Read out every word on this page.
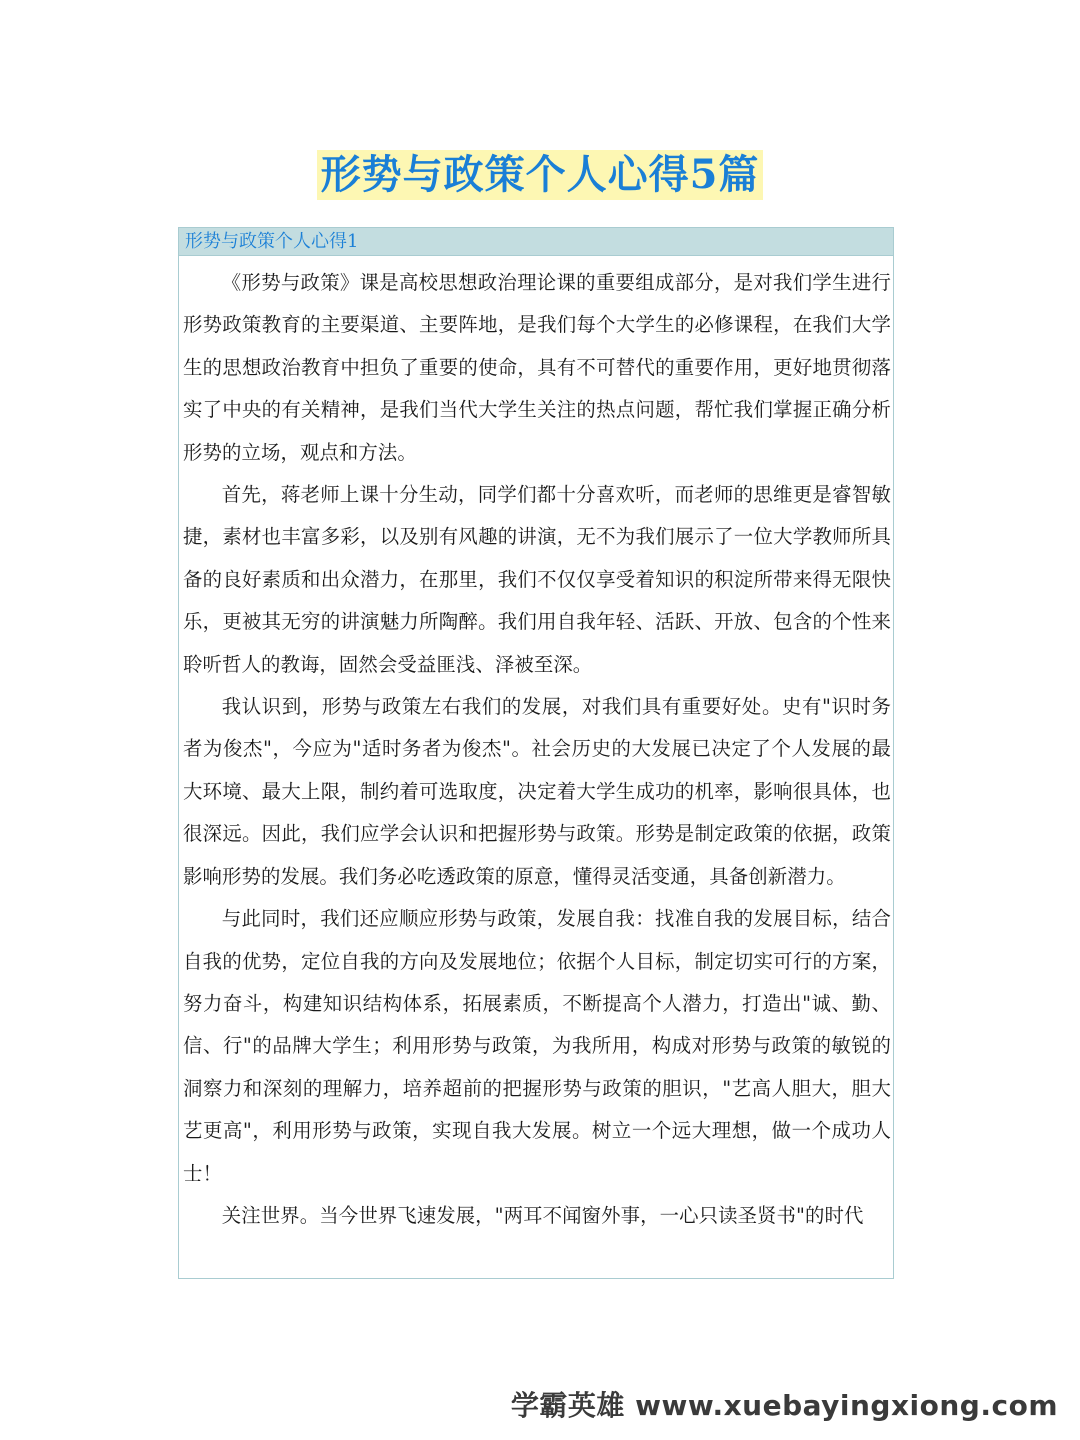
形势与政策个人心得5篇
形势与政策个人心得1

《形势与政策》课是高校思想政治理论课的重要组成部分，是对我们学生进行形势政策教育的主要渠道、主要阵地，是我们每个大学生的必修课程，在我们大学生的思想政治教育中担负了重要的使命，具有不可替代的重要作用，更好地贯彻落实了中央的有关精神，是我们当代大学生关注的热点问题，帮忙我们掌握正确分析形势的立场，观点和方法。

首先，蒋老师上课十分生动，同学们都十分喜欢听，而老师的思维更是睿智敏捷，素材也丰富多彩，以及别有风趣的讲演，无不为我们展示了一位大学教师所具备的良好素质和出众潜力，在那里，我们不仅仅享受着知识的积淀所带来得无限快乐，更被其无穷的讲演魅力所陶醉。我们用自我年轻、活跃、开放、包含的个性来聆听哲人的教诲，固然会受益匪浅、泽被至深。

我认识到，形势与政策左右我们的发展，对我们具有重要好处。史有"识时务者为俊杰"，今应为"适时务者为俊杰"。社会历史的大发展已决定了个人发展的最大环境、最大上限，制约着可选取度，决定着大学生成功的机率，影响很具体，也很深远。因此，我们应学会认识和把握形势与政策。形势是制定政策的依据，政策影响形势的发展。我们务必吃透政策的原意，懂得灵活变通，具备创新潜力。

与此同时，我们还应顺应形势与政策，发展自我：找准自我的发展目标，结合自我的优势，定位自我的方向及发展地位；依据个人目标，制定切实可行的方案，努力奋斗，构建知识结构体系，拓展素质，不断提高个人潜力，打造出"诚、勤、信、行"的品牌大学生；利用形势与政策，为我所用，构成对形势与政策的敏锐的洞察力和深刻的理解力，培养超前的把握形势与政策的胆识，"艺高人胆大，胆大艺更高"，利用形势与政策，实现自我大发展。树立一个远大理想，做一个成功人士！

关注世界。当今世界飞速发展，"两耳不闻窗外事，一心只读圣贤书"的时代

学霸英雄 www.xuebayingxiong.com
